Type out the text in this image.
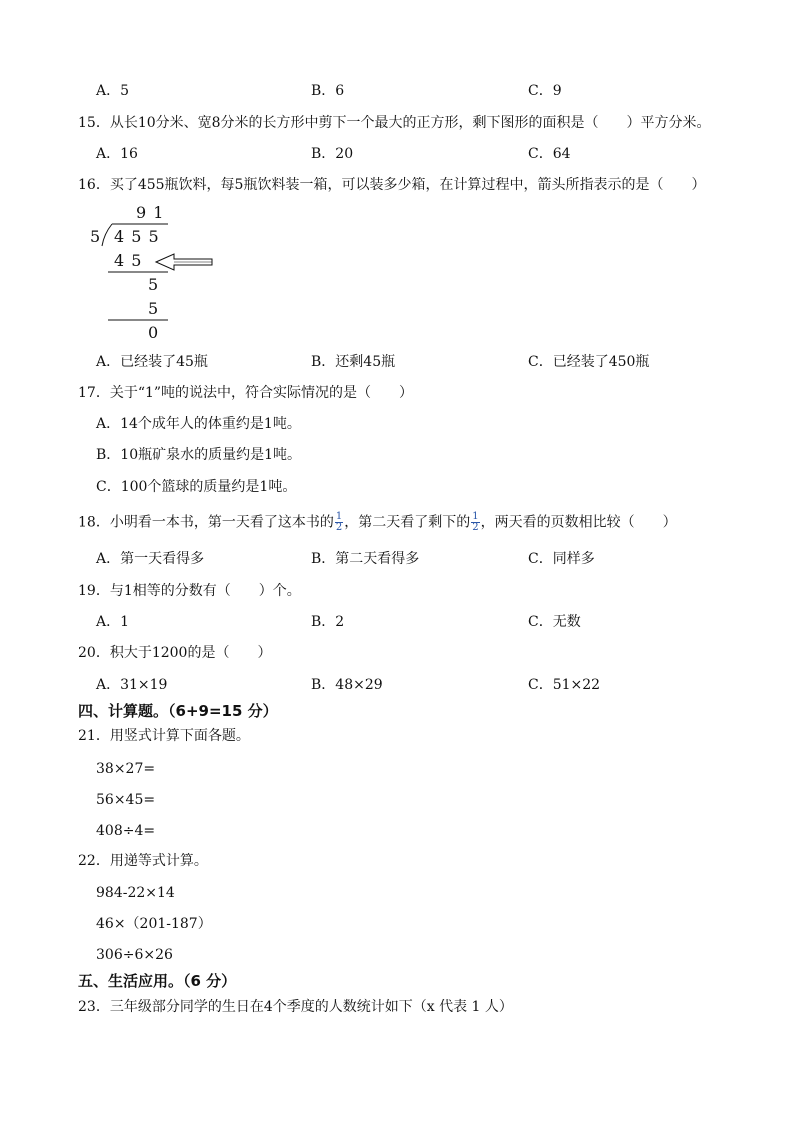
A．5	B．6	C．9
15．从长10分米、宽8分米的长方形中剪下一个最大的正方形，剩下图形的面积是（　　）平方分米。
A．16	B．20	C．64
16．买了455瓶饮料，每5瓶饮料装一箱，可以装多少箱，在计算过程中，箭头所指表示的是（　　）
9 1
5 4 5 5
4 5
5
5
0
A．已经装了45瓶	B．还剩45瓶	C．已经装了450瓶
17．关于“1”吨的说法中，符合实际情况的是（　　）
A．14个成年人的体重约是1吨。
B．10瓶矿泉水的质量约是1吨。
C．100个篮球的质量约是1吨。
18．小明看一本书，第一天看了这本书的 $\frac{1}{2}$ ，第二天看了剩下的 $\frac{1}{2}$ ，两天看的页数相比较（　　）
A．第一天看得多	B．第二天看得多	C．同样多
19．与1相等的分数有（　　）个。
A．1	B．2	C．无数
20．积大于1200的是（　　）
A．31×19	B．48×29	C．51×22
四、计算题。（6+9=15 分）
21．用竖式计算下面各题。
38×27=
56×45=
408÷4=
22．用递等式计算。
984-22×14
46×（201-187）
306÷6×26
五、生活应用。（6 分）
23．三年级部分同学的生日在4个季度的人数统计如下（x 代表 1 人）
